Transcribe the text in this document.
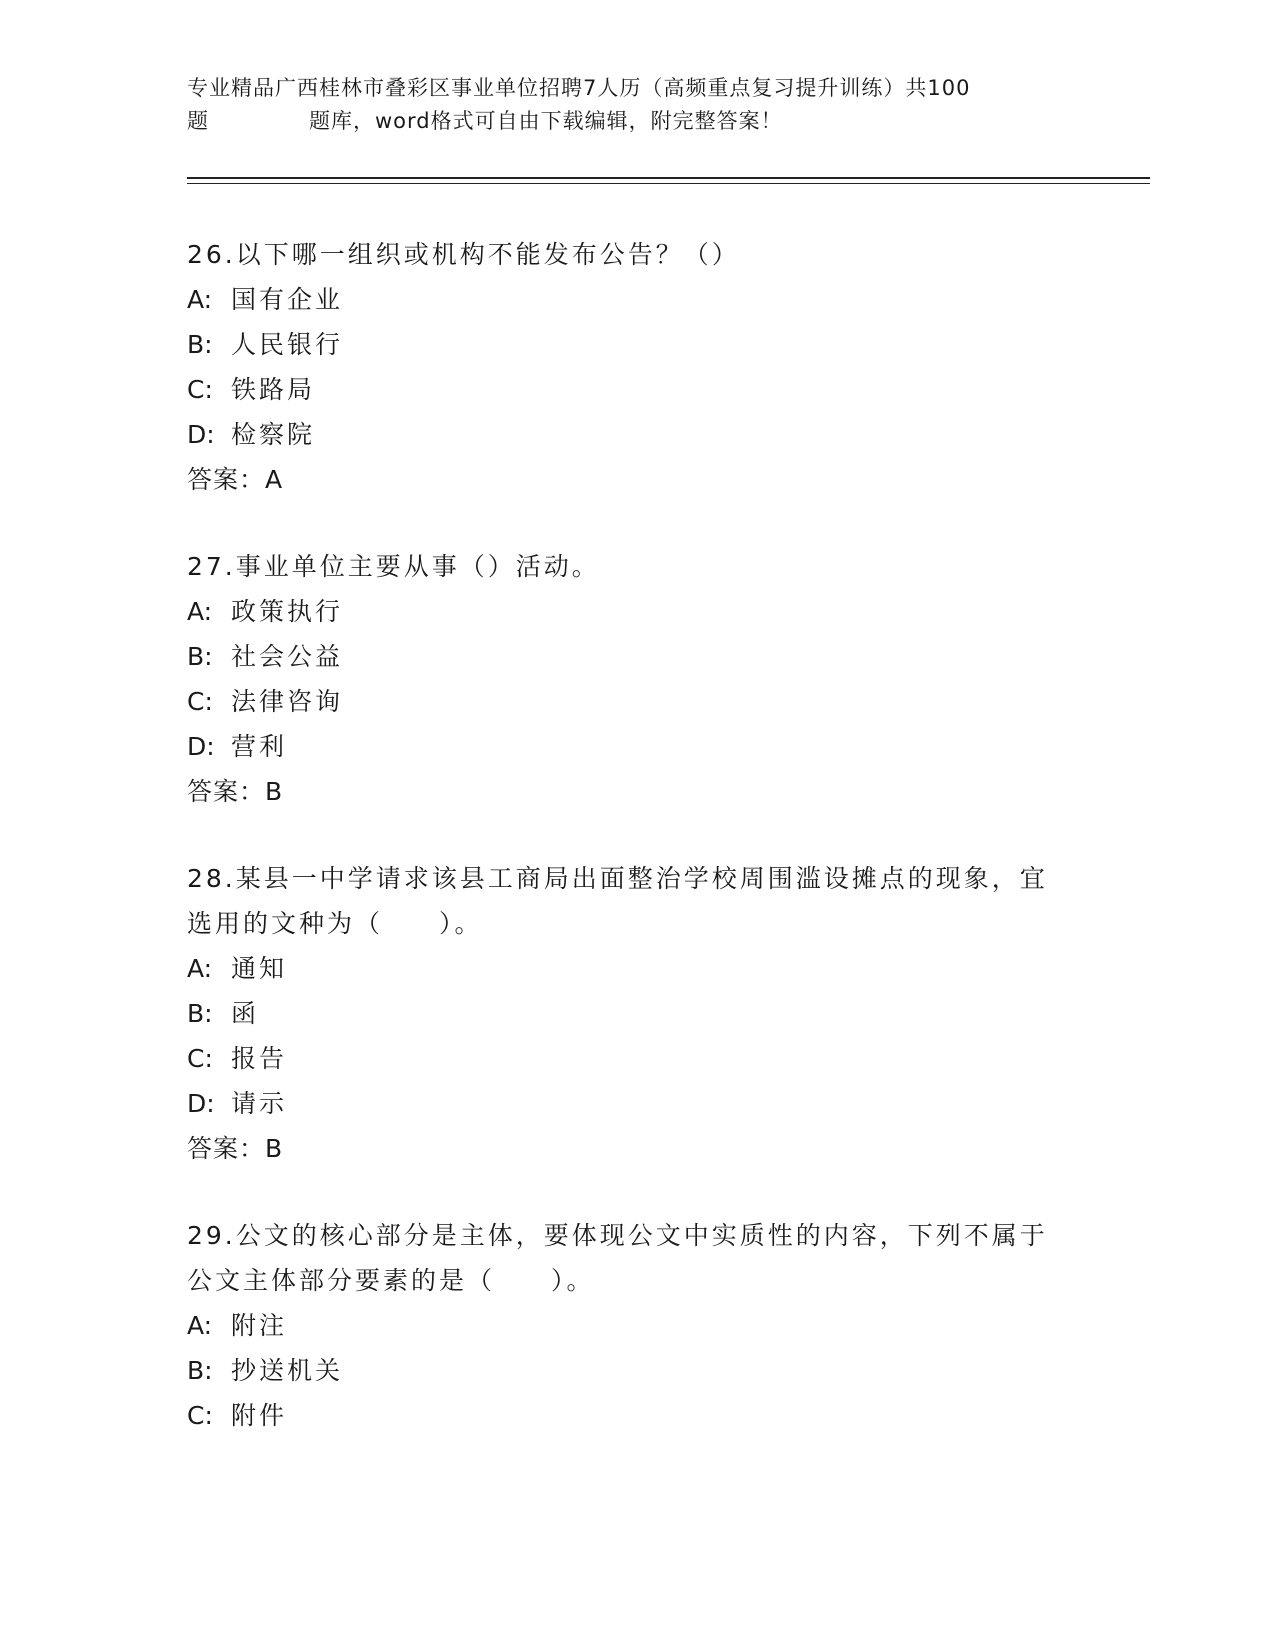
专业精品广西桂林市叠彩区事业单位招聘7人历（高频重点复习提升训练）共100
题	题库，word格式可自由下载编辑，附完整答案！

26.以下哪一组织或机构不能发布公告？（）

A: 国有企业

B: 人民银行

C: 铁路局

D: 检察院

答案：A

27.事业单位主要从事（）活动。

A: 政策执行

B: 社会公益

C: 法律咨询

D: 营利

答案：B

28.某县一中学请求该县工商局出面整治学校周围滥设摊点的现象，宜

选用的文种为（　　）。

A: 通知

B: 函

C: 报告

D: 请示

答案：B

29.公文的核心部分是主体，要体现公文中实质性的内容，下列不属于

公文主体部分要素的是（　　）。

A: 附注

B: 抄送机关

C: 附件
